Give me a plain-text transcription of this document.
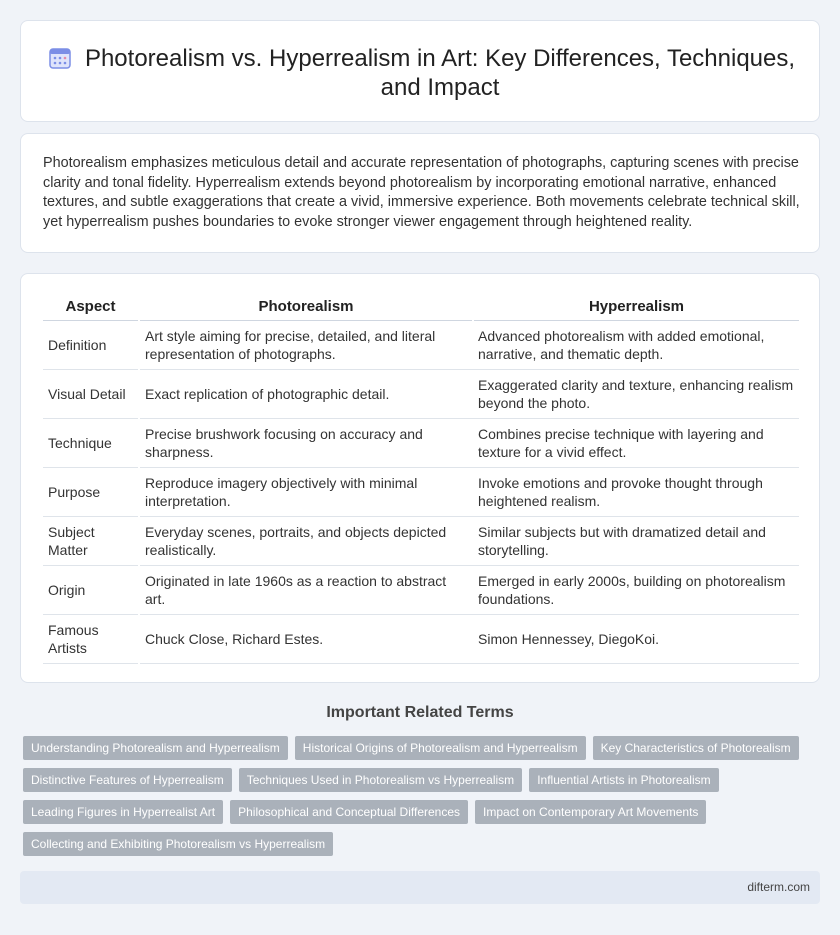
Photorealism vs. Hyperrealism in Art: Key Differences, Techniques, and Impact

Photorealism emphasizes meticulous detail and accurate representation of photographs, capturing scenes with precise clarity and tonal fidelity. Hyperrealism extends beyond photorealism by incorporating emotional narrative, enhanced textures, and subtle exaggerations that create a vivid, immersive experience. Both movements celebrate technical skill, yet hyperrealism pushes boundaries to evoke stronger viewer engagement through heightened reality.

Aspect	Photorealism	Hyperrealism
Definition	Art style aiming for precise, detailed, and literal representation of photographs.	Advanced photorealism with added emotional, narrative, and thematic depth.
Visual Detail	Exact replication of photographic detail.	Exaggerated clarity and texture, enhancing realism beyond the photo.
Technique	Precise brushwork focusing on accuracy and sharpness.	Combines precise technique with layering and texture for a vivid effect.
Purpose	Reproduce imagery objectively with minimal interpretation.	Invoke emotions and provoke thought through heightened realism.
Subject Matter	Everyday scenes, portraits, and objects depicted realistically.	Similar subjects but with dramatized detail and storytelling.
Origin	Originated in late 1960s as a reaction to abstract art.	Emerged in early 2000s, building on photorealism foundations.
Famous Artists	Chuck Close, Richard Estes.	Simon Hennessey, DiegoKoi.
Important Related Terms
Understanding Photorealism and Hyperrealism	Historical Origins of Photorealism and Hyperrealism	Key Characteristics of Photorealism
Distinctive Features of Hyperrealism	Techniques Used in Photorealism vs Hyperrealism	Influential Artists in Photorealism
Leading Figures in Hyperrealist Art	Philosophical and Conceptual Differences	Impact on Contemporary Art Movements
Collecting and Exhibiting Photorealism vs Hyperrealism
difterm.com
